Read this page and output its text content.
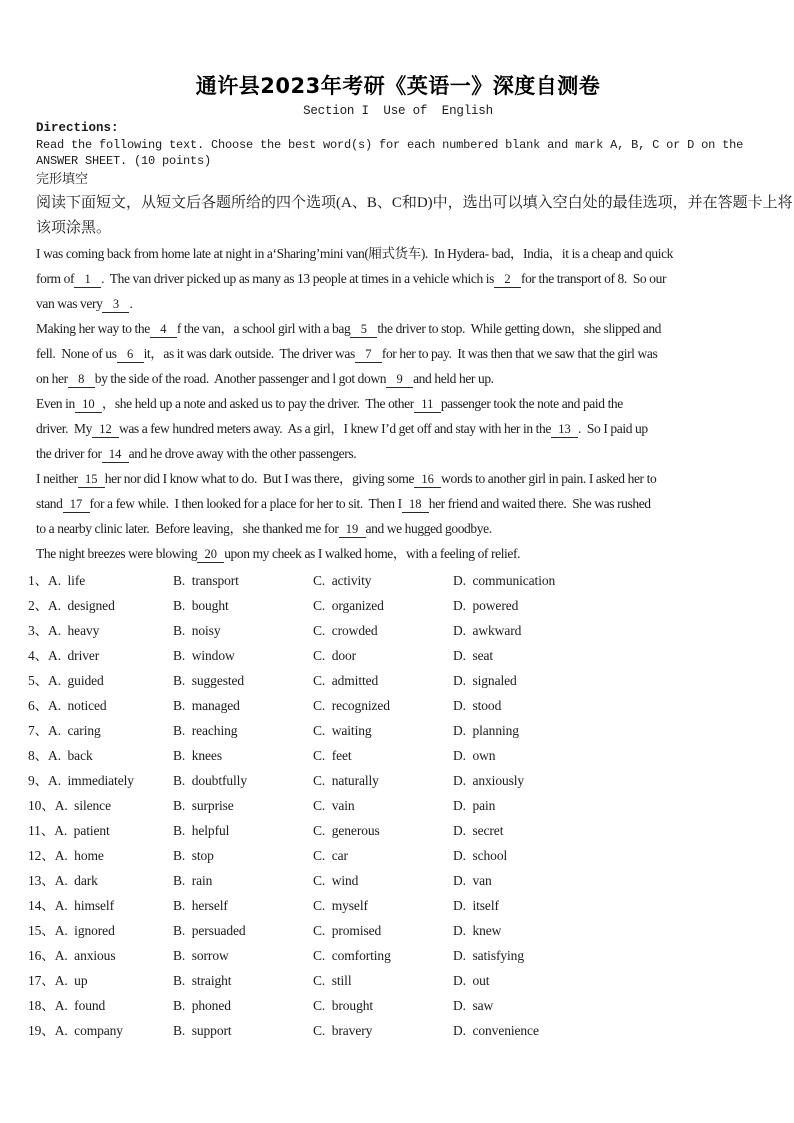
通许县2023年考研《英语一》深度自测卷
Section I  Use of  English
Directions:
Read the following text. Choose the best word(s) for each numbered blank and mark A, B, C or D on the
ANSWER SHEET. (10 points)
完形填空
阅读下面短文，从短文后各题所给的四个选项(A、B、C和D)中，选出可以填入空白处的最佳选项，并在答题卡上将
该项涂黑。
I was coming back from home late at night in a‘Sharing’mini van(厢式货车).  In Hydera- bad，India，it is a cheap and quick
form of 1 .  The van driver picked up as many as 13 people at times in a vehicle which is 2 for the transport of 8.  So our
van was very 3 .
Making her way to the 4 f the van，a school girl with a bag 5 the driver to stop.  While getting down，she slipped and
fell.  None of us 6 it，as it was dark outside.  The driver was 7 for her to pay.  It was then that we saw that the girl was
on her 8 by the side of the road.  Another passenger and l got down 9 and held her up.
Even in 10 ，she held up a note and asked us to pay the driver.  The other 11 passenger took the note and paid the
driver.  My 12 was a few hundred meters away.  As a girl，I knew I’d get off and stay with her in the 13 .  So I paid up
the driver for 14 and he drove away with the other passengers.
I neither 15 her nor did I know what to do.  But I was there，giving some 16 words to another girl in pain. I asked her to
stand 17 for a few while.  I then looked for a place for her to sit.  Then I 18 her friend and waited there.  She was rushed
to a nearby clinic later.  Before leaving，she thanked me for 19 and we hugged goodbye.
The night breezes were blowing 20 upon my cheek as I walked home，with a feeling of relief.
1、A.  life	B.  transport	C.  activity	D.  communication
2、A.  designed	B.  bought	C.  organized	D.  powered
3、A.  heavy	B.  noisy	C.  crowded	D.  awkward
4、A.  driver	B.  window	C.  door	D.  seat
5、A.  guided	B.  suggested	C.  admitted	D.  signaled
6、A.  noticed	B.  managed	C.  recognized	D.  stood
7、A.  caring	B.  reaching	C.  waiting	D.  planning
8、A.  back	B.  knees	C.  feet	D.  own
9、A.  immediately	B.  doubtfully	C.  naturally	D.  anxiously
10、A.  silence	B.  surprise	C.  vain	D.  pain
11、A.  patient	B.  helpful	C.  generous	D.  secret
12、A.  home	B.  stop	C.  car	D.  school
13、A.  dark	B.  rain	C.  wind	D.  van
14、A.  himself	B.  herself	C.  myself	D.  itself
15、A.  ignored	B.  persuaded	C.  promised	D.  knew
16、A.  anxious	B.  sorrow	C.  comforting	D.  satisfying
17、A.  up	B.  straight	C.  still	D.  out
18、A.  found	B.  phoned	C.  brought	D.  saw
19、A.  company	B.  support	C.  bravery	D.  convenience
